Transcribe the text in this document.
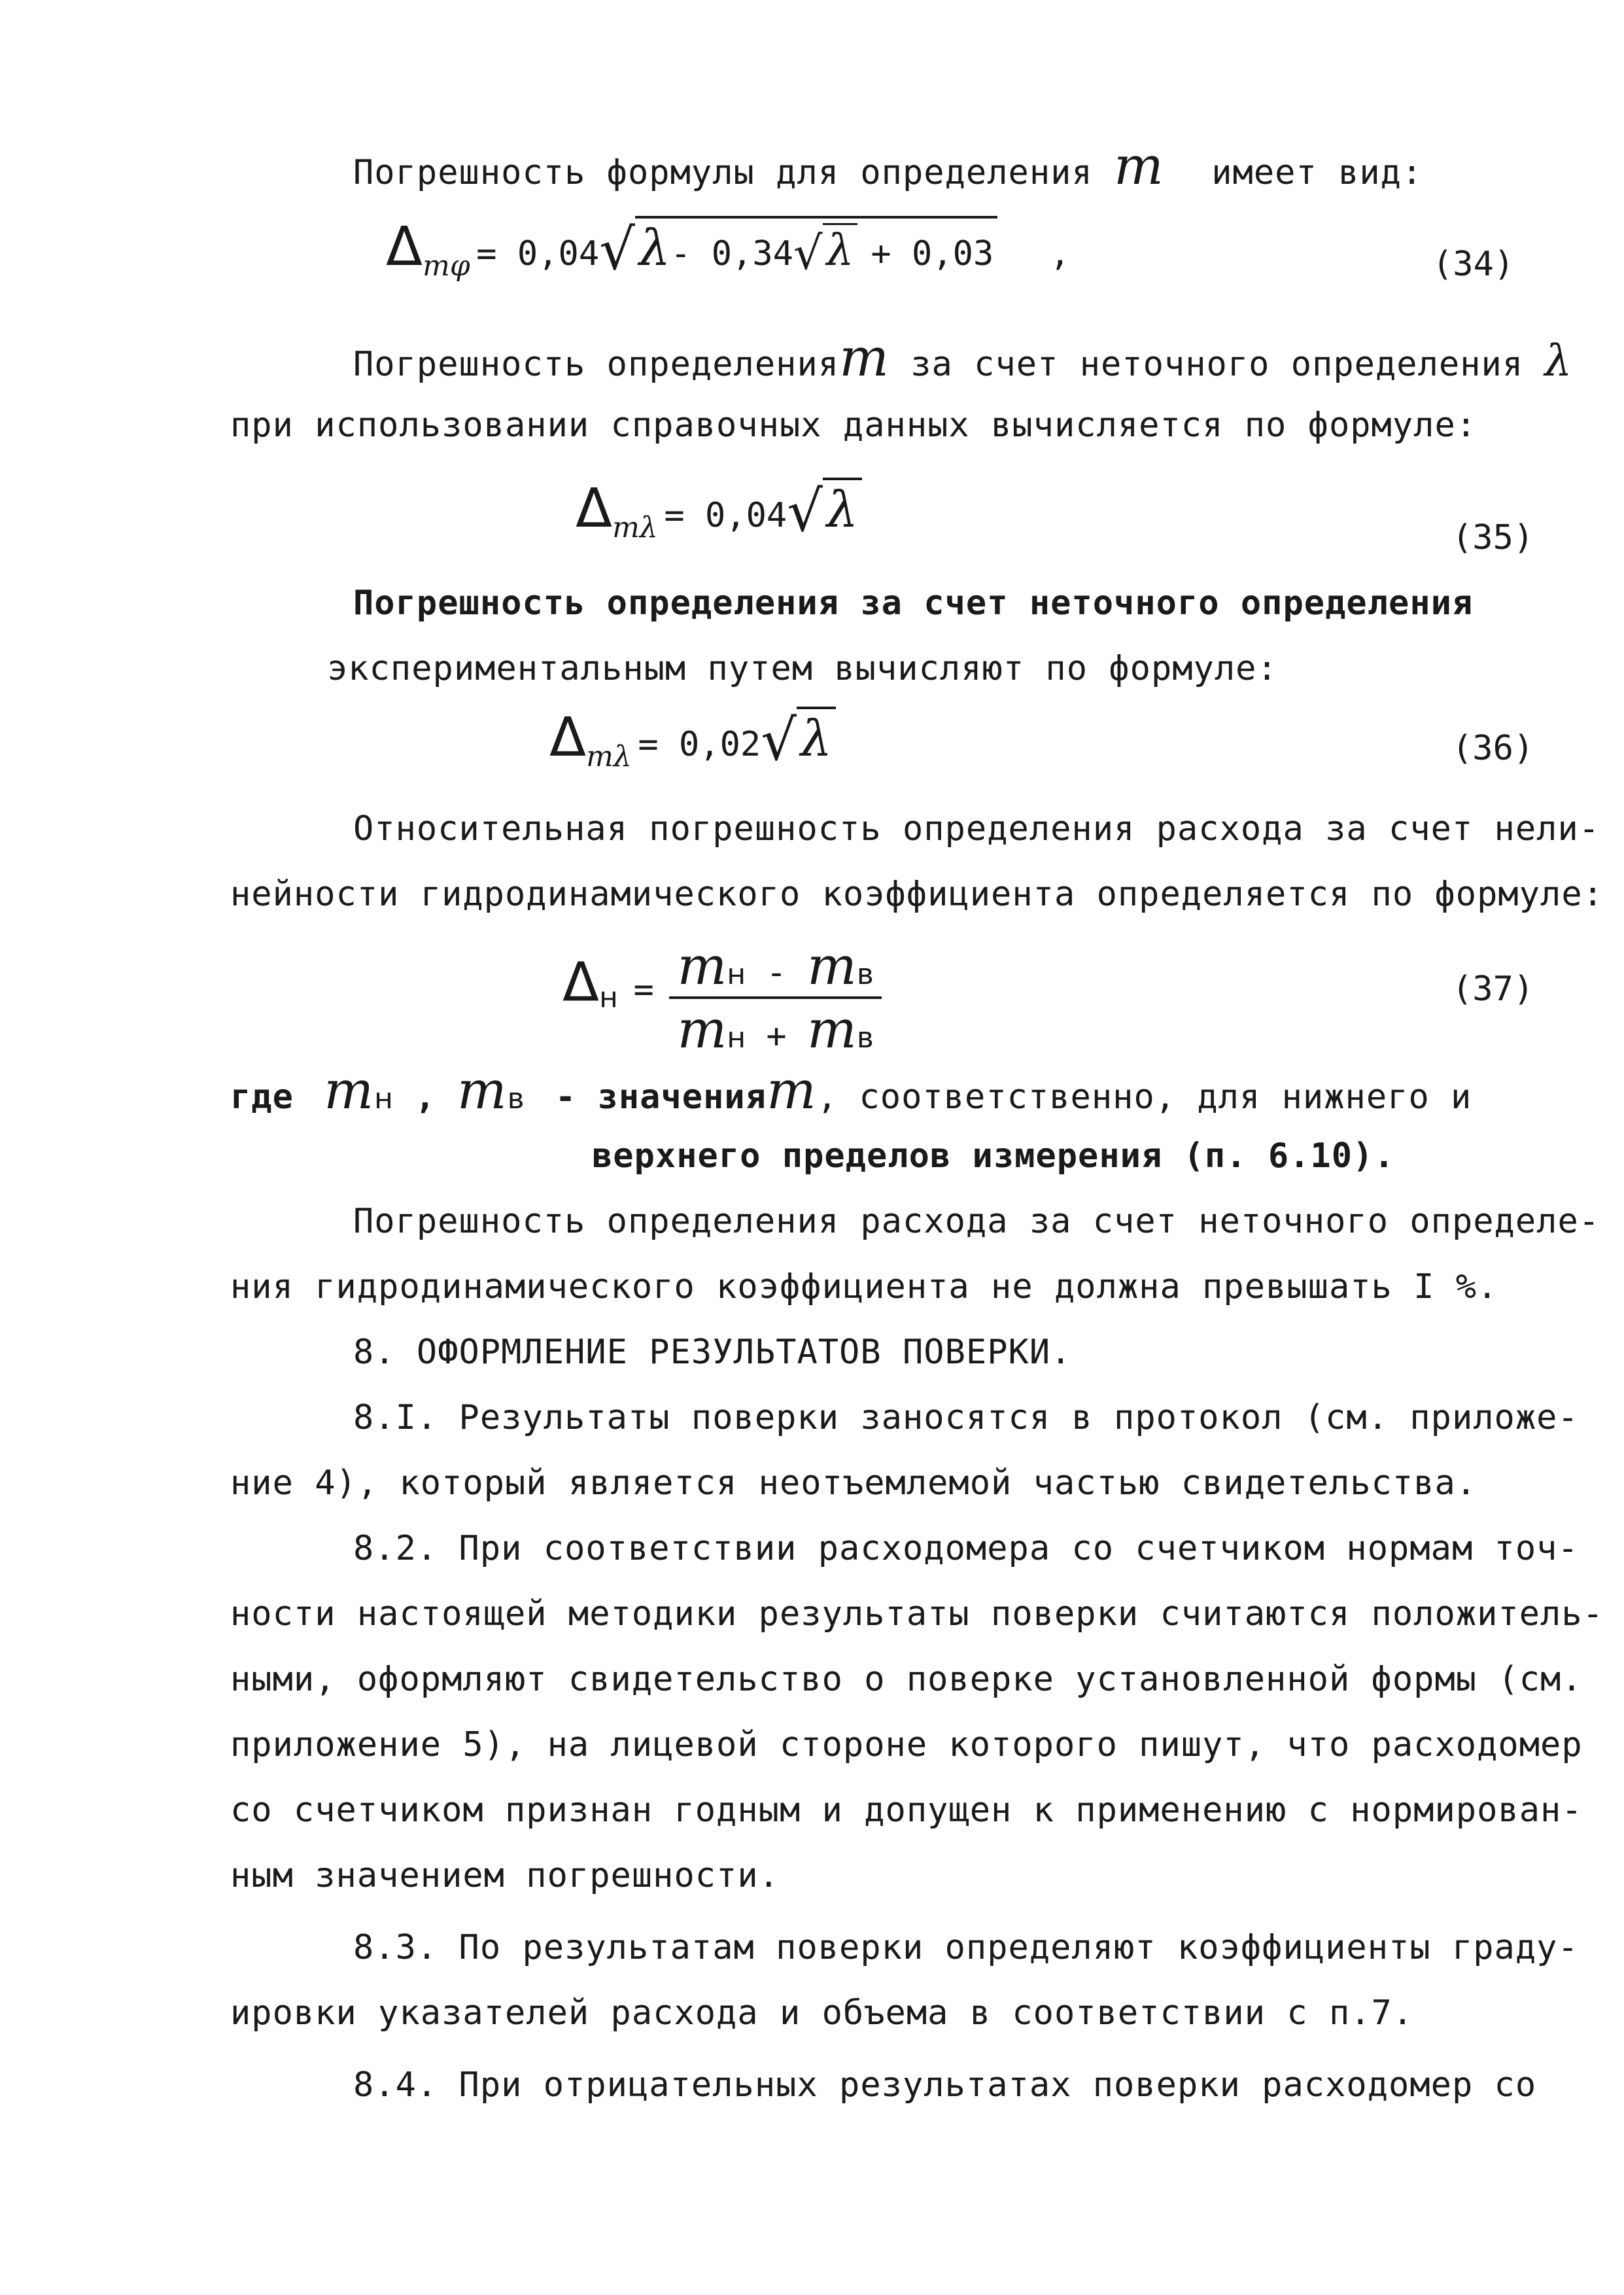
Погрешность формулы для определения m имеет вид:
Δmφ = 0,04√λ- 0,34√λ + 0,03 ,	(34)
Погрешность определенияm за счет неточного определения λ
при использовании справочных данных вычисляется по формуле:
Δmλ = 0,04√λ	(35)
Погрешность определения за счет неточного определения
экспериментальным путем вычисляют по формуле:
Δmλ = 0,02√λ	(36)
Относительная погрешность определения расхода за счет нели-
нейности гидродинамического коэффициента определяется по формуле:
$\Delta н = \frac{mн - mв}{mн + mв}$	(37)
где mн , mв - значенияm, соответственно, для нижнего и
верхнего пределов измерения (п. 6.10).
Погрешность определения расхода за счет неточного определе-
ния гидродинамического коэффициента не должна превышать I %.
8. ОФОРМЛЕНИЕ РЕЗУЛЬТАТОВ ПОВЕРКИ.
8.I. Результаты поверки заносятся в протокол (см. приложе-
ние 4), который является неотъемлемой частью свидетельства.
8.2. При соответствии расходомера со счетчиком нормам точ-
ности настоящей методики результаты поверки считаются положитель-
ными, оформляют свидетельство о поверке установленной формы (см.
приложение 5), на лицевой стороне которого пишут, что расходомер
со счетчиком признан годным и допущен к применению с нормирован-
ным значением погрешности.
8.3. По результатам поверки определяют коэффициенты граду-
ировки указателей расхода и объема в соответствии с п.7.
8.4. При отрицательных результатах поверки расходомер со
